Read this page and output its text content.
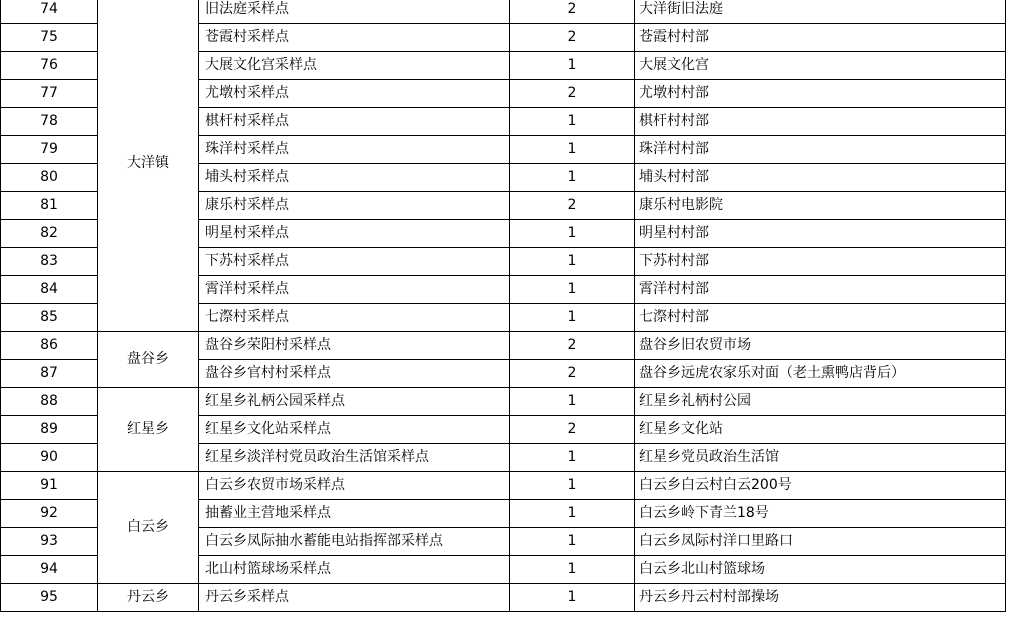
74	大洋镇	旧法庭采样点	2	大洋街旧法庭
75		苍霞村采样点	2	苍霞村村部
76		大展文化宫采样点	1	大展文化宫
77		尤墩村采样点	2	尤墩村村部
78		棋杆村采样点	1	棋杆村村部
79		珠洋村采样点	1	珠洋村村部
80		埔头村采样点	1	埔头村村部
81		康乐村采样点	2	康乐村电影院
82		明星村采样点	1	明星村村部
83		下苏村采样点	1	下苏村村部
84		霄洋村采样点	1	霄洋村村部
85		七漈村采样点	1	七漈村村部
86	盘谷乡	盘谷乡荣阳村采样点	2	盘谷乡旧农贸市场
87		盘谷乡官村村采样点	2	盘谷乡远虎农家乐对面（老土熏鸭店背后）
88	红星乡	红星乡礼柄公园采样点	1	红星乡礼柄村公园
89		红星乡文化站采样点	2	红星乡文化站
90		红星乡淡洋村党员政治生活馆采样点	1	红星乡党员政治生活馆
91	白云乡	白云乡农贸市场采样点	1	白云乡白云村白云200号
92		抽蓄业主营地采样点	1	白云乡岭下青兰18号
93		白云乡凤际抽水蓄能电站指挥部采样点	1	白云乡凤际村洋口里路口
94		北山村篮球场采样点	1	白云乡北山村篮球场
95	丹云乡	丹云乡采样点	1	丹云乡丹云村村部操场
